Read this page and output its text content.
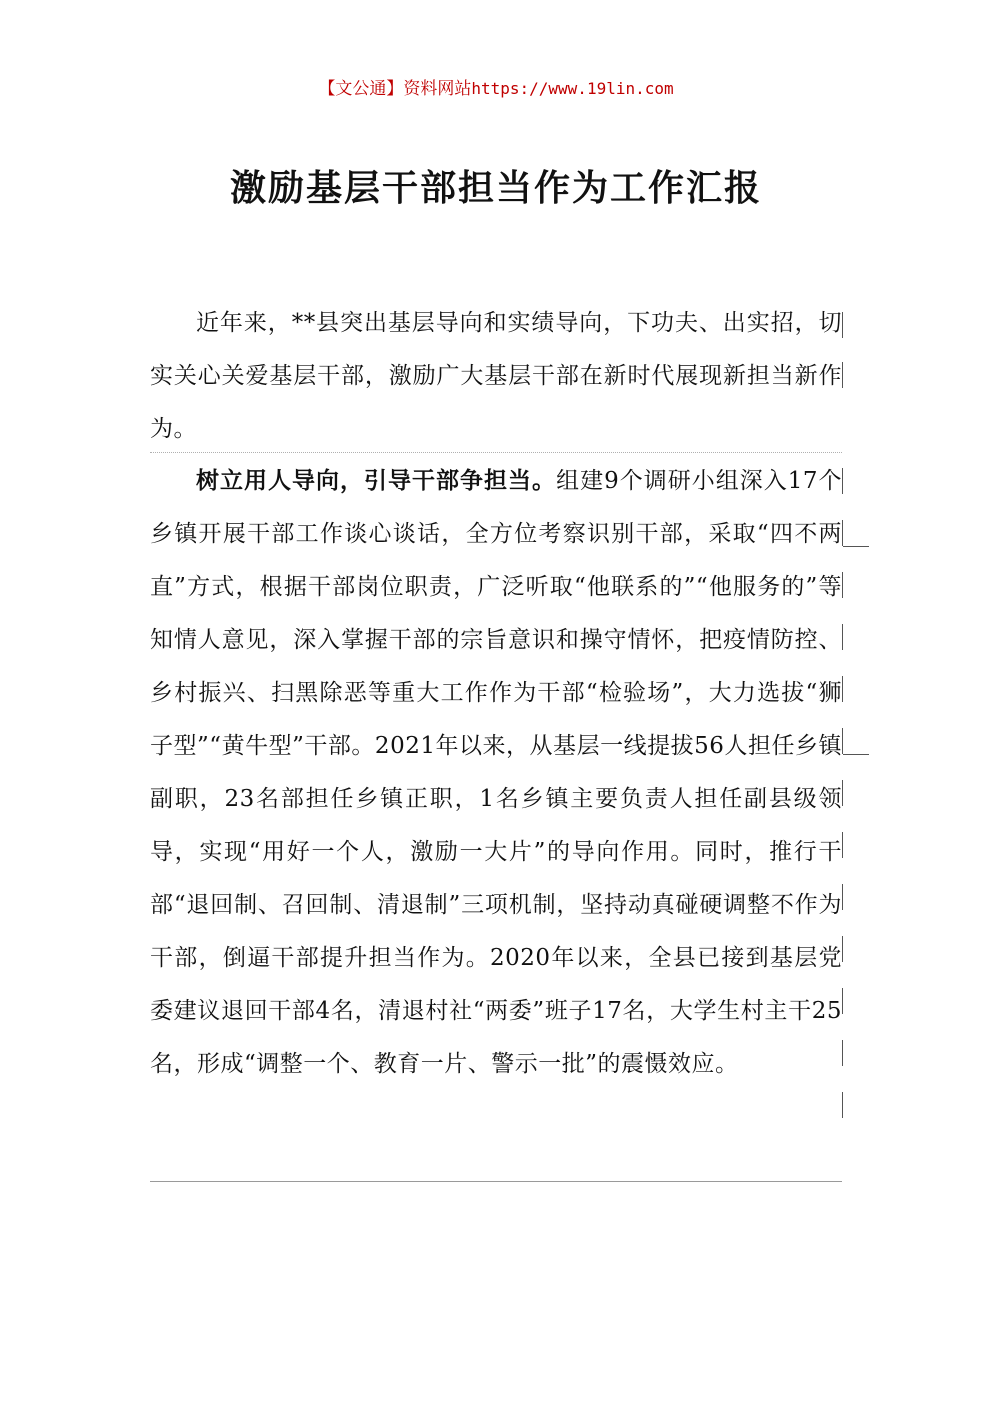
【文公通】资料网站https://www.19lin.com
激励基层干部担当作为工作汇报

近年来，**县突出基层导向和实绩导向，下功夫、出实招，切实关心关爱基层干部，激励广大基层干部在新时代展现新担当新作为。

树立用人导向，引导干部争担当。组建9个调研小组深入17个乡镇开展干部工作谈心谈话，全方位考察识别干部，采取“四不两直”方式，根据干部岗位职责，广泛听取“他联系的”“他服务的”等知情人意见，深入掌握干部的宗旨意识和操守情怀，把疫情防控、乡村振兴、扫黑除恶等重大工作作为干部“检验场”，大力选拔“狮子型”“黄牛型”干部。2021年以来，从基层一线提拔56人担任乡镇副职，23名部担任乡镇正职，1名乡镇主要负责人担任副县级领导，实现“用好一个人，激励一大片”的导向作用。同时，推行干部“退回制、召回制、清退制”三项机制，坚持动真碰硬调整不作为干部，倒逼干部提升担当作为。2020年以来，全县已接到基层党委建议退回干部4名，清退村社“两委”班子17名，大学生村主干25名，形成“调整一个、教育一片、警示一批”的震慑效应。
